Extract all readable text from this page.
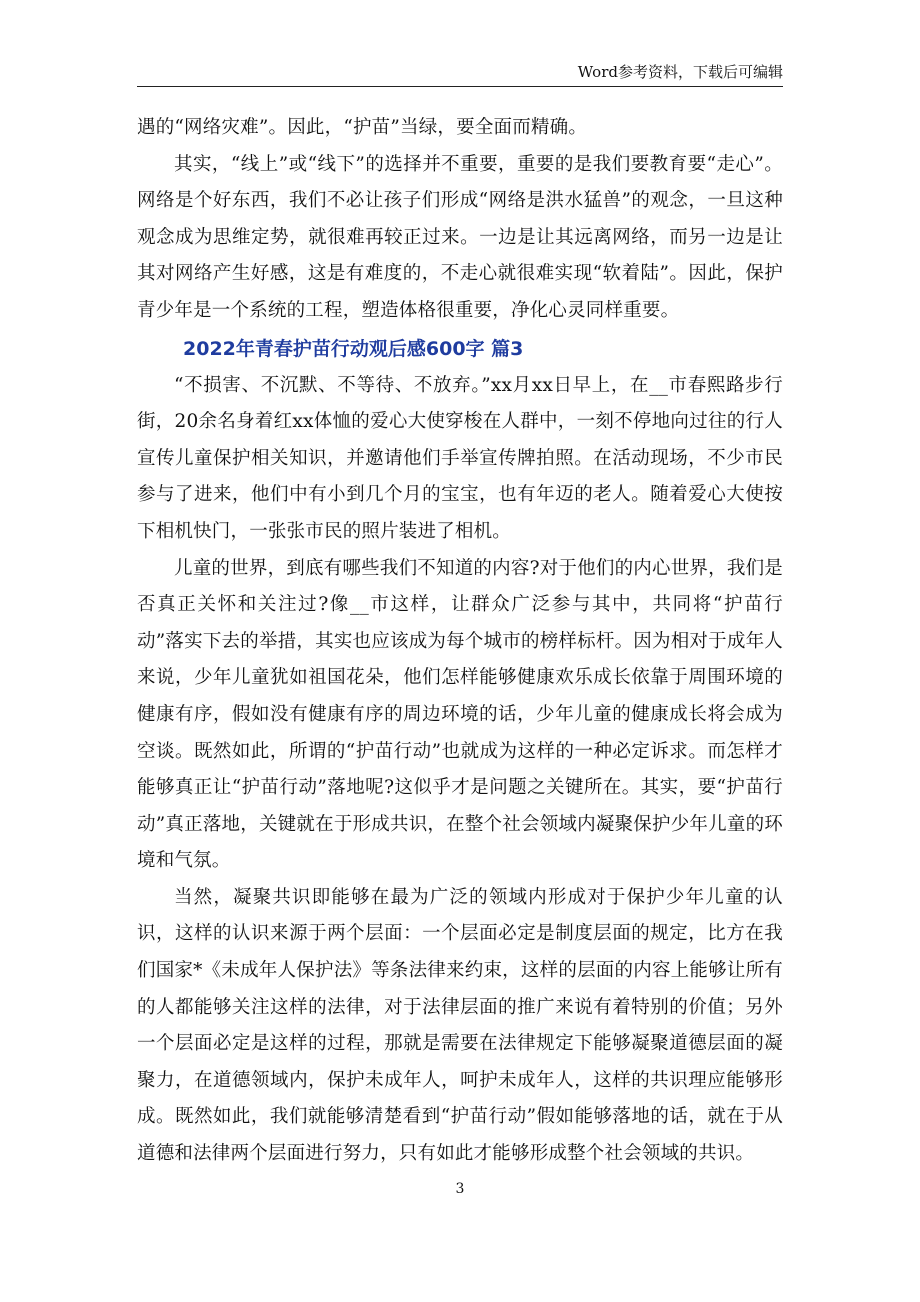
Word参考资料，下载后可编辑

遇的“网络灾难”。因此，“护苗”当绿，要全面而精确。

其实，“线上”或“线下”的选择并不重要，重要的是我们要教育要“走心”。网络是个好东西，我们不必让孩子们形成“网络是洪水猛兽”的观念，一旦这种观念成为思维定势，就很难再较正过来。一边是让其远离网络，而另一边是让其对网络产生好感，这是有难度的，不走心就很难实现“软着陆”。因此，保护青少年是一个系统的工程，塑造体格很重要，净化心灵同样重要。

2022年青春护苗行动观后感600字 篇3

“不损害、不沉默、不等待、不放弃。”xx月xx日早上，在__市春熙路步行街，20余名身着红xx体恤的爱心大使穿梭在人群中，一刻不停地向过往的行人宣传儿童保护相关知识，并邀请他们手举宣传牌拍照。在活动现场，不少市民参与了进来，他们中有小到几个月的宝宝，也有年迈的老人。随着爱心大使按下相机快门，一张张市民的照片装进了相机。

儿童的世界，到底有哪些我们不知道的内容?对于他们的内心世界，我们是否真正关怀和关注过?像__市这样，让群众广泛参与其中，共同将“护苗行动”落实下去的举措，其实也应该成为每个城市的榜样标杆。因为相对于成年人来说，少年儿童犹如祖国花朵，他们怎样能够健康欢乐成长依靠于周围环境的健康有序，假如没有健康有序的周边环境的话，少年儿童的健康成长将会成为空谈。既然如此，所谓的“护苗行动”也就成为这样的一种必定诉求。而怎样才能够真正让“护苗行动”落地呢?这似乎才是问题之关键所在。其实，要“护苗行动”真正落地，关键就在于形成共识，在整个社会领域内凝聚保护少年儿童的环境和气氛。

当然，凝聚共识即能够在最为广泛的领域内形成对于保护少年儿童的认识，这样的认识来源于两个层面：一个层面必定是制度层面的规定，比方在我们国家*《未成年人保护法》等条法律来约束，这样的层面的内容上能够让所有的人都能够关注这样的法律，对于法律层面的推广来说有着特别的价值；另外一个层面必定是这样的过程，那就是需要在法律规定下能够凝聚道德层面的凝聚力，在道德领域内，保护未成年人，呵护未成年人，这样的共识理应能够形成。既然如此，我们就能够清楚看到“护苗行动”假如能够落地的话，就在于从道德和法律两个层面进行努力，只有如此才能够形成整个社会领域的共识。

3
